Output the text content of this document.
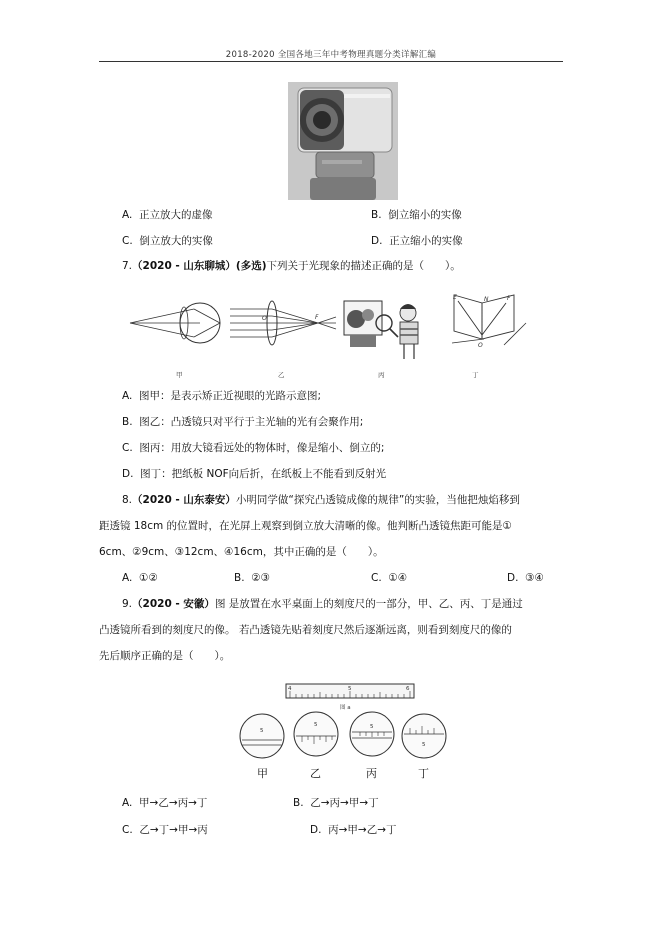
2018-2020 全国各地三年中考物理真题分类详解汇编
A. 正立放大的虚像	B. 倒立缩小的实像
C. 倒立放大的实像	D. 正立缩小的实像
7.（2020 - 山东聊城）(多选)下列关于光现象的描述正确的是（　　）。
O	F
E	N	F
O
甲	乙	丙	丁
A. 图甲：是表示矫正近视眼的光路示意图;
B. 图乙：凸透镜只对平行于主光轴的光有会聚作用;
C. 图丙：用放大镜看远处的物体时，像是缩小、倒立的;
D. 图丁：把纸板 NOF向后折，在纸板上不能看到反射光
8.（2020 - 山东泰安）小明同学做“探究凸透镜成像的规律”的实验，当他把烛焰移到
距透镜 18cm 的位置时，在光屏上观察到倒立放大清晰的像。他判断凸透镜焦距可能是①
6cm、②9cm、③12cm、④16cm，其中正确的是（　　）。
A. ①②	B. ②③	C. ①④	D. ③④
9.（2020 - 安徽）图 是放置在水平桌面上的刻度尺的一部分，甲、乙、丙、丁是通过
凸透镜所看到的刻度尺的像。 若凸透镜先贴着刻度尺然后逐渐远离，则看到刻度尺的像的
先后顺序正确的是（　　）。
4	5	6
图 a
5
5	5
5
甲	乙	丙	丁
A. 甲→乙→丙→丁	B. 乙→丙→甲→丁
C. 乙→丁→甲→丙	D. 丙→甲→乙→丁
